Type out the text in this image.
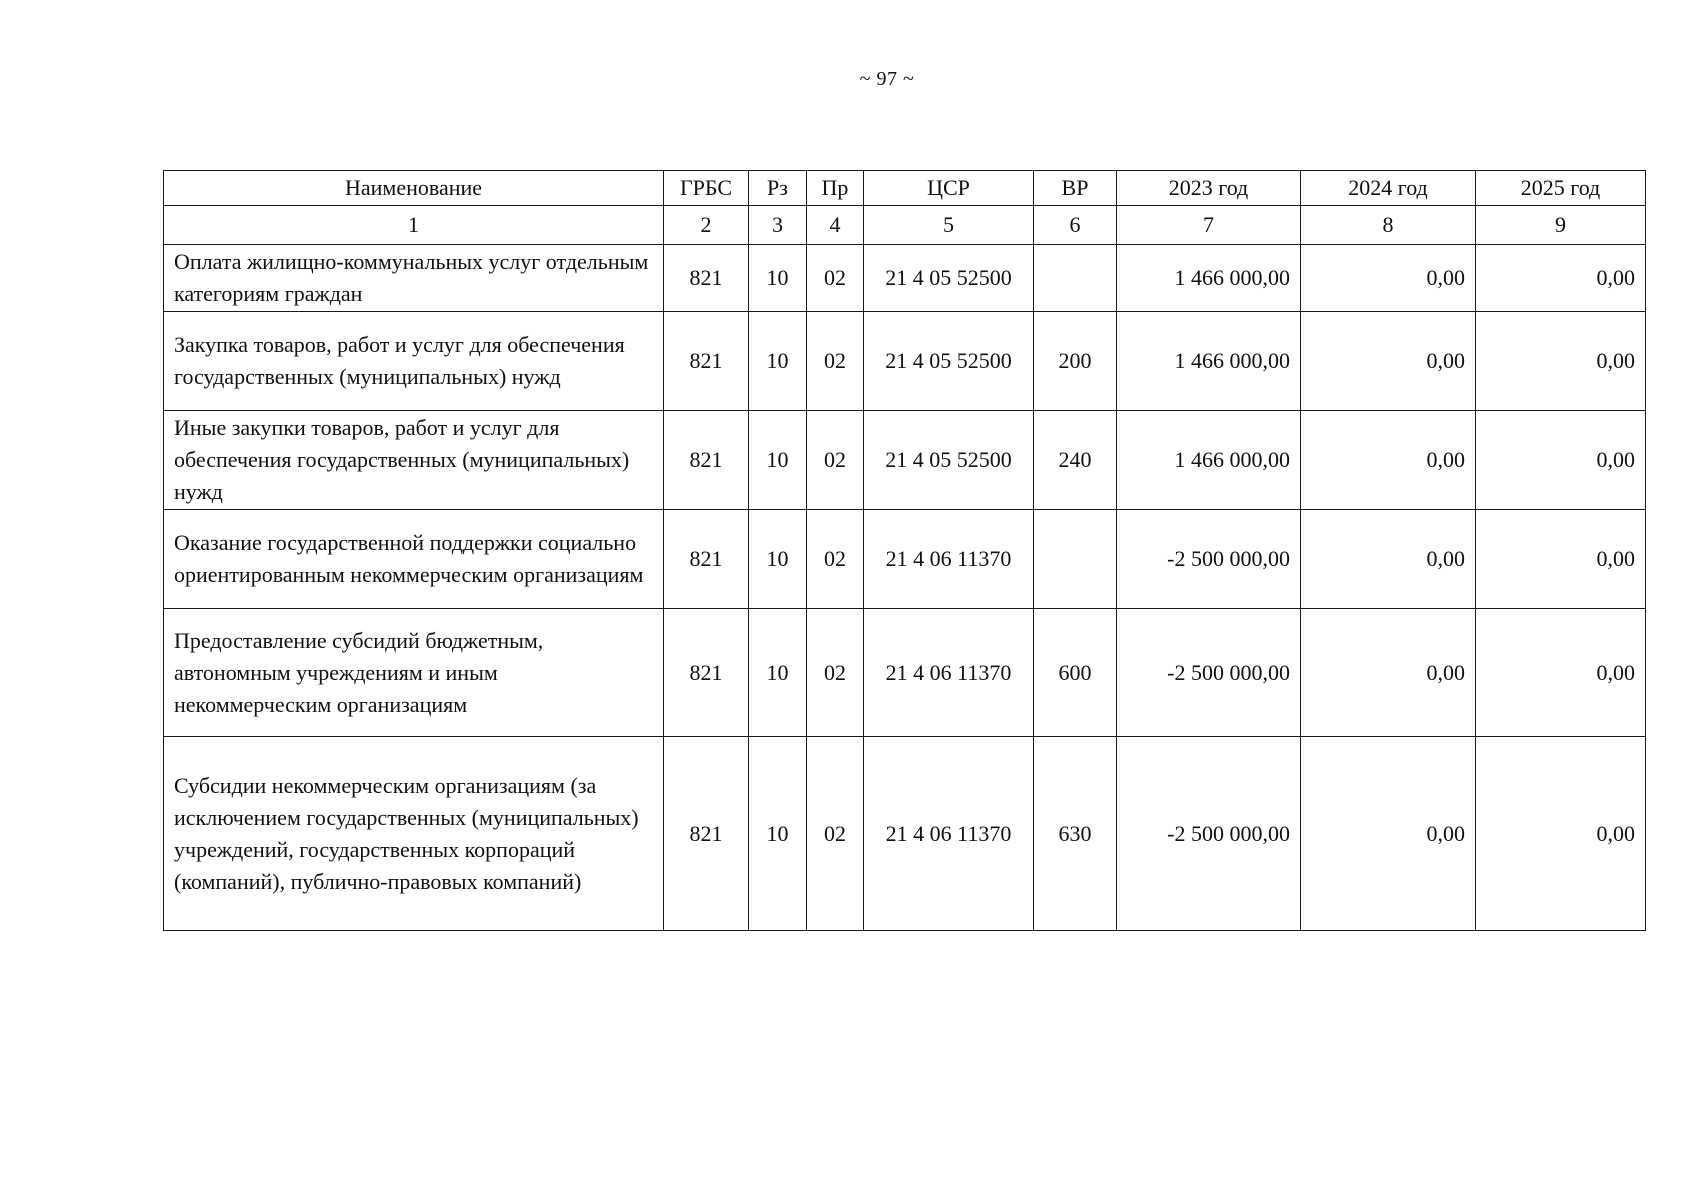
~ 97 ~
Наименование	ГРБС	Рз	Пр	ЦСР	ВР	2023 год	2024 год	2025 год
1	2	3	4	5	6	7	8	9
Оплата жилищно-коммунальных услуг отдельным категориям граждан	821	10	02	21 4 05 52500		1 466 000,00	0,00	0,00
Закупка товаров, работ и услуг для обеспечения государственных (муниципальных) нужд	821	10	02	21 4 05 52500	200	1 466 000,00	0,00	0,00
Иные закупки товаров, работ и услуг для обеспечения государственных (муниципальных) нужд	821	10	02	21 4 05 52500	240	1 466 000,00	0,00	0,00
Оказание государственной поддержки социально ориентированным некоммерческим организациям	821	10	02	21 4 06 11370		-2 500 000,00	0,00	0,00
Предоставление субсидий бюджетным, автономным учреждениям и иным некоммерческим организациям	821	10	02	21 4 06 11370	600	-2 500 000,00	0,00	0,00
Субсидии некоммерческим организациям (за исключением государственных (муниципальных) учреждений, государственных корпораций (компаний), публично-правовых компаний)	821	10	02	21 4 06 11370	630	-2 500 000,00	0,00	0,00
